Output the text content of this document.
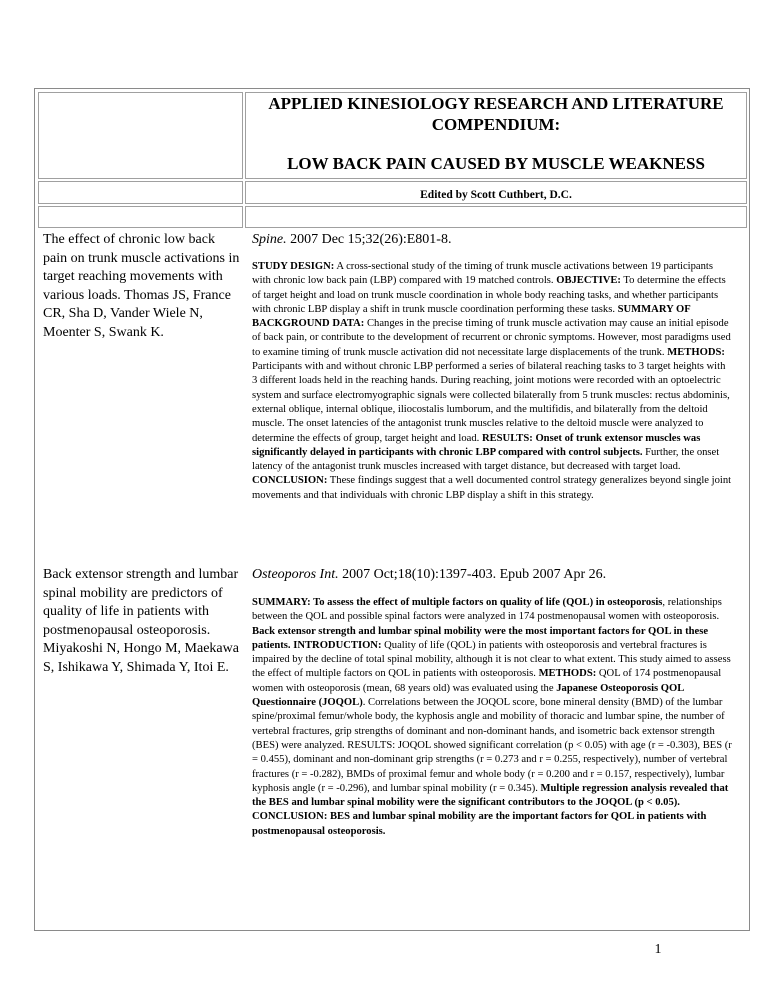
APPLIED KINESIOLOGY RESEARCH AND LITERATURE COMPENDIUM:
LOW BACK PAIN CAUSED BY MUSCLE WEAKNESS
Edited by Scott Cuthbert, D.C.
The effect of chronic low back pain on trunk muscle activations in target reaching movements with various loads. Thomas JS, France CR, Sha D, Vander Wiele N, Moenter S, Swank K.
Spine. 2007 Dec 15;32(26):E801-8.
STUDY DESIGN: A cross-sectional study of the timing of trunk muscle activations between 19 participants with chronic low back pain (LBP) compared with 19 matched controls. OBJECTIVE: To determine the effects of target height and load on trunk muscle coordination in whole body reaching tasks, and whether participants with chronic LBP display a shift in trunk muscle coordination performing these tasks. SUMMARY OF BACKGROUND DATA: Changes in the precise timing of trunk muscle activation may cause an initial episode of back pain, or contribute to the development of recurrent or chronic symptoms. However, most paradigms used to examine timing of trunk muscle activation did not necessitate large displacements of the trunk. METHODS: Participants with and without chronic LBP performed a series of bilateral reaching tasks to 3 target heights with 3 different loads held in the reaching hands. During reaching, joint motions were recorded with an optoelectric system and surface electromyographic signals were collected bilaterally from 5 trunk muscles: rectus abdominis, external oblique, internal oblique, iliocostalis lumborum, and the multifidis, and bilaterally from the deltoid muscle. The onset latencies of the antagonist trunk muscles relative to the deltoid muscle were analyzed to determine the effects of group, target height and load. RESULTS: Onset of trunk extensor muscles was significantly delayed in participants with chronic LBP compared with control subjects. Further, the onset latency of the antagonist trunk muscles increased with target distance, but decreased with target load. CONCLUSION: These findings suggest that a well documented control strategy generalizes beyond single joint movements and that individuals with chronic LBP display a shift in this strategy.
Back extensor strength and lumbar spinal mobility are predictors of quality of life in patients with postmenopausal osteoporosis. Miyakoshi N, Hongo M, Maekawa S, Ishikawa Y, Shimada Y, Itoi E.
Osteoporos Int. 2007 Oct;18(10):1397-403. Epub 2007 Apr 26.
SUMMARY: To assess the effect of multiple factors on quality of life (QOL) in osteoporosis, relationships between the QOL and possible spinal factors were analyzed in 174 postmenopausal women with osteoporosis. Back extensor strength and lumbar spinal mobility were the most important factors for QOL in these patients. INTRODUCTION: Quality of life (QOL) in patients with osteoporosis and vertebral fractures is impaired by the decline of total spinal mobility, although it is not clear to what extent. This study aimed to assess the effect of multiple factors on QOL in patients with osteoporosis. METHODS: QOL of 174 postmenopausal women with osteoporosis (mean, 68 years old) was evaluated using the Japanese Osteoporosis QOL Questionnaire (JOQOL). Correlations between the JOQOL score, bone mineral density (BMD) of the lumbar spine/proximal femur/whole body, the kyphosis angle and mobility of thoracic and lumbar spine, the number of vertebral fractures, grip strengths of dominant and non-dominant hands, and isometric back extensor strength (BES) were analyzed. RESULTS: JOQOL showed significant correlation (p < 0.05) with age (r = -0.303), BES (r = 0.455), dominant and non-dominant grip strengths (r = 0.273 and r = 0.255, respectively), number of vertebral fractures (r = -0.282), BMDs of proximal femur and whole body (r = 0.200 and r = 0.157, respectively), lumbar kyphosis angle (r = -0.296), and lumbar spinal mobility (r = 0.345). Multiple regression analysis revealed that the BES and lumbar spinal mobility were the significant contributors to the JOQOL (p < 0.05). CONCLUSION: BES and lumbar spinal mobility are the important factors for QOL in patients with postmenopausal osteoporosis.
1
